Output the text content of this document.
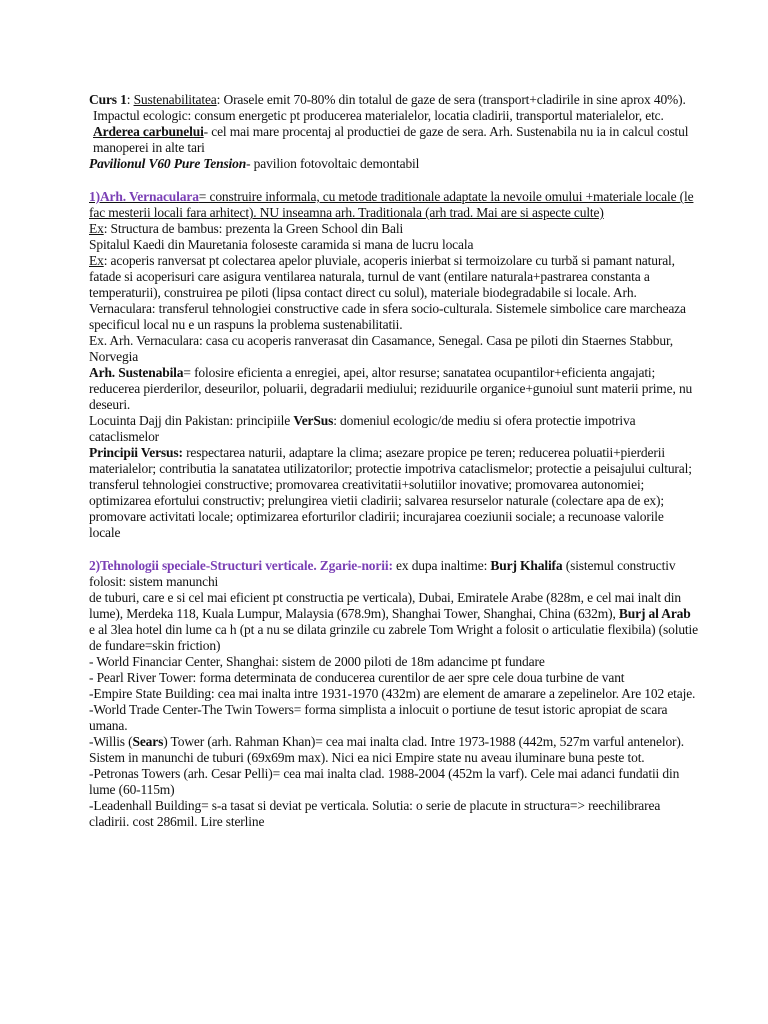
Curs 1: Sustenabilitatea: Orasele emit 70-80% din totalul de gaze de sera (transport+cladirile in sine aprox 40%).

Impactul ecologic: consum energetic pt producerea materialelor, locatia cladirii, transportul materialelor, etc. Arderea carbunelui- cel mai mare procentaj al productiei de gaze de sera. Arh. Sustenabila nu ia in calcul costul manoperei in alte tari

Pavilionul V60 Pure Tension- pavilion fotovoltaic demontabil

1)Arh. Vernaculara= construire informala, cu metode traditionale adaptate la nevoile omului +materiale locale (le fac mesterii locali fara arhitect). NU inseamna arh. Traditionala (arh trad. Mai are si aspecte culte)

Ex: Structura de bambus: prezenta la Green School din Bali

Spitalul Kaedi din Mauretania foloseste caramida si mana de lucru locala

Ex: acoperis ranversat pt colectarea apelor pluviale, acoperis inierbat si termoizolare cu turbă si pamant natural, fatade si acoperisuri care asigura ventilarea naturala, turnul de vant (entilare naturala+pastrarea constanta a temperaturii), construirea pe piloti (lipsa contact direct cu solul), materiale biodegradabile si locale. Arh. Vernaculara: transferul tehnologiei constructive cade in sfera socio-culturala. Sistemele simbolice care marcheaza specificul local nu e un raspuns la problema sustenabilitatii.

Ex. Arh. Vernaculara: casa cu acoperis ranverasat din Casamance, Senegal. Casa pe piloti din Staernes Stabbur, Norvegia

Arh. Sustenabila= folosire eficienta a enregiei, apei, altor resurse; sanatatea ocupantilor+eficienta angajati; reducerea pierderilor, deseurilor, poluarii, degradarii mediului; reziduurile organice+gunoiul sunt materii prime, nu deseuri.

Locuinta Dajj din Pakistan: principiile VerSus: domeniul ecologic/de mediu si ofera protectie impotriva cataclismelor

Principii Versus: respectarea naturii, adaptare la clima; asezare propice pe teren; reducerea poluatii+pierderii materialelor; contributia la sanatatea utilizatorilor; protectie impotriva cataclismelor; protectie a peisajului cultural; transferul tehnologiei constructive; promovarea creativitatii+solutiilor inovative; promovarea autonomiei; optimizarea efortului constructiv; prelungirea vietii cladirii; salvarea resurselor naturale (colectare apa de ex); promovare activitati locale; optimizarea eforturilor cladirii; incurajarea coeziunii sociale; a recunoase valorile locale

2)Tehnologii speciale-Structuri verticale. Zgarie-norii: ex dupa inaltime: Burj Khalifa (sistemul constructiv folosit: sistem manunchi

de tuburi, care e si cel mai eficient pt constructia pe verticala), Dubai, Emiratele Arabe (828m, e cel mai inalt din lume), Merdeka 118, Kuala Lumpur, Malaysia (678.9m), Shanghai Tower, Shanghai, China (632m), Burj al Arab e al 3lea hotel din lume ca h (pt a nu se dilata grinzile cu zabrele Tom Wright a folosit o articulatie flexibila) (solutie de fundare=skin friction)

- World Financiar Center, Shanghai: sistem de 2000 piloti de 18m adancime pt fundare

- Pearl River Tower: forma determinata de conducerea curentilor de aer spre cele doua turbine de vant

-Empire State Building: cea mai inalta intre 1931-1970 (432m) are element de amarare a zepelinelor. Are 102 etaje.

-World Trade Center-The Twin Towers= forma simplista a inlocuit o portiune de tesut istoric apropiat de scara umana.

-Willis (Sears) Tower (arh. Rahman Khan)= cea mai inalta clad. Intre 1973-1988 (442m, 527m varful antenelor). Sistem in manunchi de tuburi (69x69m max). Nici ea nici Empire state nu aveau iluminare buna peste tot.

-Petronas Towers (arh. Cesar Pelli)= cea mai inalta clad. 1988-2004 (452m la varf). Cele mai adanci fundatii din lume (60-115m)

-Leadenhall Building= s-a tasat si deviat pe verticala. Solutia: o serie de placute in structura=> reechilibrarea cladirii. cost 286mil. Lire sterline
